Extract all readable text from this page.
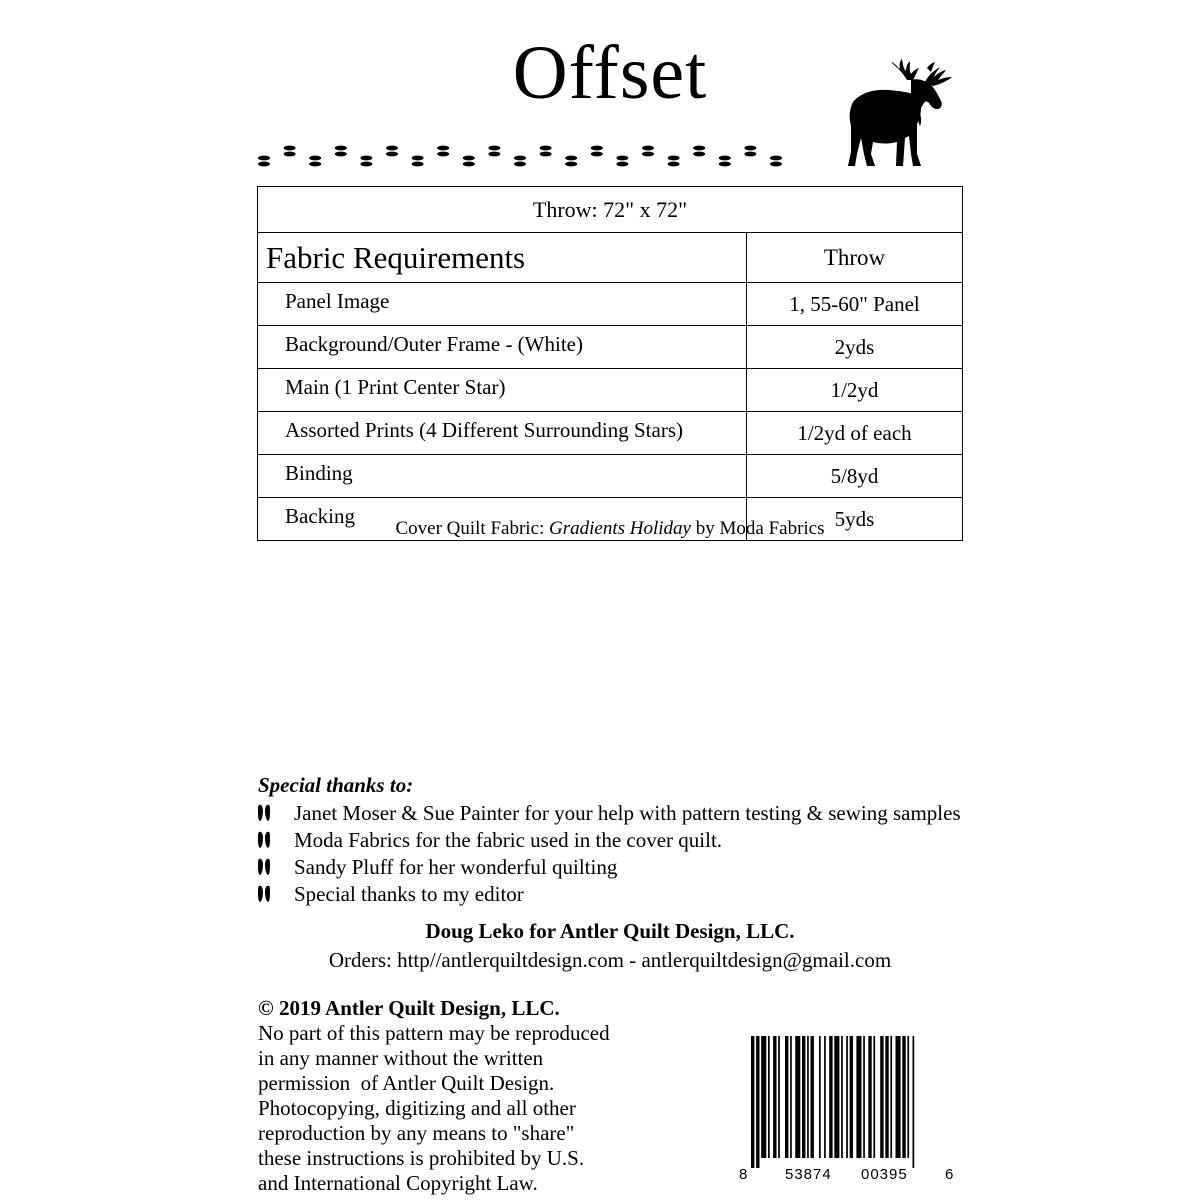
Offset
Throw: 72" x 72"	
Fabric Requirements	Throw
Panel Image	1, 55-60" Panel
Background/Outer Frame - (White)	2yds
Main (1 Print Center Star)	1/2yd
Assorted Prints (4 Different Surrounding Stars)	1/2yd of each
Binding	5/8yd
Backing	5yds
Cover Quilt Fabric: Gradients Holiday by Moda Fabrics
Special thanks to:
Janet Moser & Sue Painter for your help with pattern testing & sewing samples
Moda Fabrics for the fabric used in the cover quilt.
Sandy Pluff for her wonderful quilting
Special thanks to my editor
Doug Leko for Antler Quilt Design, LLC.
Orders: http//antlerquiltdesign.com - antlerquiltdesign@gmail.com
© 2019 Antler Quilt Design, LLC.
No part of this pattern may be reproduced
in any manner without the written
permission  of Antler Quilt Design.
Photocopying, digitizing and all other
reproduction by any means to "share"
these instructions is prohibited by U.S.
and International Copyright Law.	8 53874 00395 6
